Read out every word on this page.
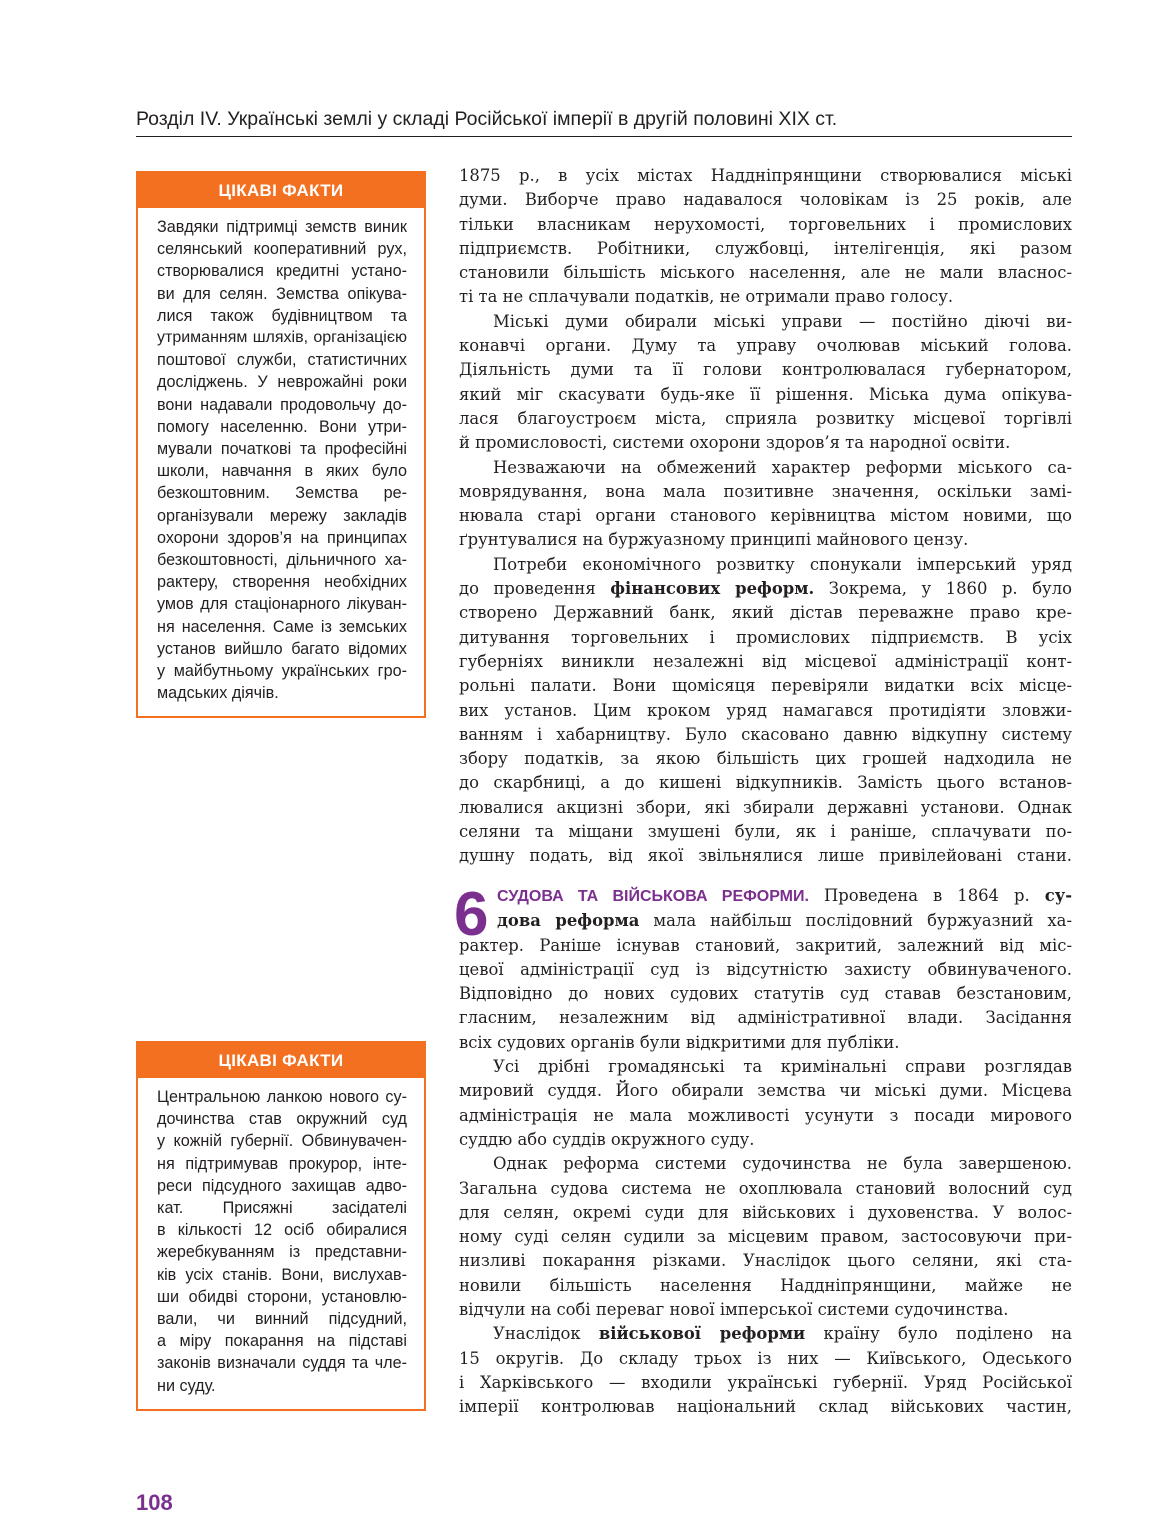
Розділ IV. Українські землі у складі Російської імперії в другій половині XIX ст.
ЦІКАВІ ФАКТИ
Завдяки підтримці земств виник
селянський кооперативний рух,
створювалися кредитні устано-
ви для селян. Земства опікува-
лися також будівництвом та
утриманням шляхів, організацією
поштової служби, статистичних
досліджень. У неврожайні роки
вони надавали продовольчу до-
помогу населенню. Вони утри-
мували початкові та професійні
школи, навчання в яких було
безкоштовним. Земства ре-
організували мережу закладів
охорони здоров’я на принципах
безкоштовності, дільничного ха-
рактеру, створення необхідних
умов для стаціонарного лікуван-
ня населення. Саме із земських
установ вийшло багато відомих
у майбутньому українських гро-
мадських діячів.
ЦІКАВІ ФАКТИ
Центральною ланкою нового су-
дочинства став окружний суд
у кожній губернії. Обвинувачен-
ня підтримував прокурор, інте-
реси підсудного захищав адво-
кат. Присяжні засідателі
в кількості 12 осіб обиралися
жеребкуванням із представни-
ків усіх станів. Вони, вислухав-
ши обидві сторони, установлю-
вали, чи винний підсудний,
а міру покарання на підставі
законів визначали суддя та чле-
ни суду.
1875 р., в усіх містах Наддніпрянщини створювалися міські
думи. Виборче право надавалося чоловікам із 25 років, але
тільки власникам нерухомості, торговельних і промислових
підприємств. Робітники, службовці, інтелігенція, які разом
становили більшість міського населення, але не мали власнос-
ті та не сплачували податків, не отримали право голосу.
Міські думи обирали міські управи — постійно діючі ви-
конавчі органи. Думу та управу очолював міський голова.
Діяльність думи та її голови контролювалася губернатором,
який міг скасувати будь-яке її рішення. Міська дума опікува-
лася благоустроєм міста, сприяла розвитку місцевої торгівлі
й промисловості, системи охорони здоров’я та народної освіти.
Незважаючи на обмежений характер реформи міського са-
моврядування, вона мала позитивне значення, оскільки замі-
нювала старі органи станового керівництва містом новими, що
ґрунтувалися на буржуазному принципі майнового цензу.
Потреби економічного розвитку спонукали імперський уряд
до проведення фінансових реформ. Зокрема, у 1860 р. було
створено Державний банк, який дістав переважне право кре-
дитування торговельних і промислових підприємств. В усіх
губерніях виникли незалежні від місцевої адміністрації конт-
рольні палати. Вони щомісяця перевіряли видатки всіх місце-
вих установ. Цим кроком уряд намагався протидіяти зловжи-
ванням і хабарництву. Було скасовано давню відкупну систему
збору податків, за якою більшість цих грошей надходила не
до скарбниці, а до кишені відкупників. Замість цього встанов-
лювалися акцизні збори, які збирали державні установи. Однак
селяни та міщани змушені були, як і раніше, сплачувати по-
душну подать, від якої звільнялися лише привілейовані стани.
6 СУДОВА ТА ВІЙСЬКОВА РЕФОРМИ. Проведена в 1864 р. су-
дова реформа мала найбільш послідовний буржуазний ха-
рактер. Раніше існував становий, закритий, залежний від міс-
цевої адміністрації суд із відсутністю захисту обвинуваченого.
Відповідно до нових судових статутів суд ставав безстановим,
гласним, незалежним від адміністративної влади. Засідання
всіх судових органів були відкритими для публіки.
Усі дрібні громадянські та кримінальні справи розглядав
мировий суддя. Його обирали земства чи міські думи. Місцева
адміністрація не мала можливості усунути з посади мирового
суддю або суддів окружного суду.
Однак реформа системи судочинства не була завершеною.
Загальна судова система не охоплювала становий волосний суд
для селян, окремі суди для військових і духовенства. У волос-
ному суді селян судили за місцевим правом, застосовуючи при-
низливі покарання різками. Унаслідок цього селяни, які ста-
новили більшість населення Наддніпрянщини, майже не
відчули на собі переваг нової імперської системи судочинства.
Унаслідок військової реформи країну було поділено на
15 округів. До складу трьох із них — Київського, Одеського
і Харківського — входили українські губернії. Уряд Російської
імперії контролював національний склад військових частин,
108
